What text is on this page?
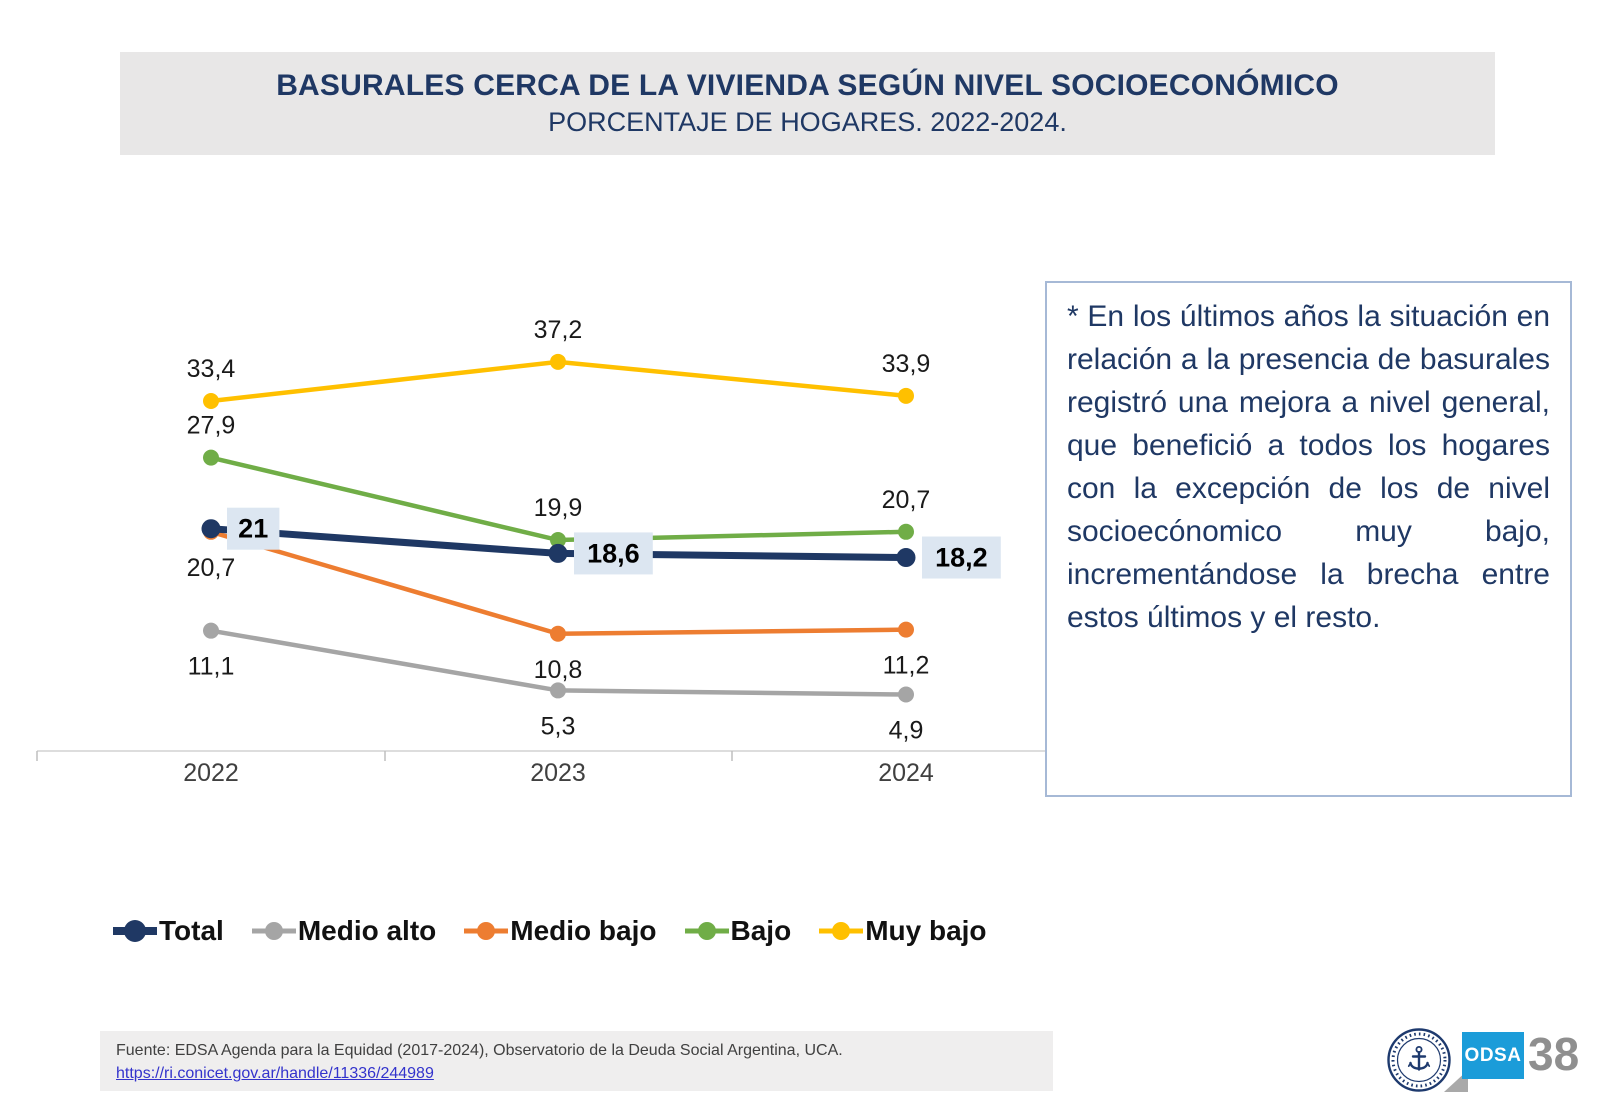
BASURALES CERCA DE LA VIVIENDA SEGÚN NIVEL SOCIOECONÓMICO
PORCENTAJE DE HOGARES. 2022-2024.
2022	2023	2024
33,4
37,2
33,9
27,9
19,9	20,7
20,7
10,8	11,2
11,1
5,3	4,9
21
18,6	18,2

* En los últimos años la situación en relación a la presencia de basurales registró una mejora a nivel general, que benefició a todos los hogares con la excepción de los de nivel socioecónomico muy bajo, incrementándose la brecha entre estos últimos y el resto.

Total	Medio alto	Medio bajo	Bajo	Muy bajo

Fuente: EDSA Agenda para la Equidad (2017-2024), Observatorio de la Deuda Social Argentina, UCA.

https://ri.conicet.gov.ar/handle/11336/244989
ODSA 38
